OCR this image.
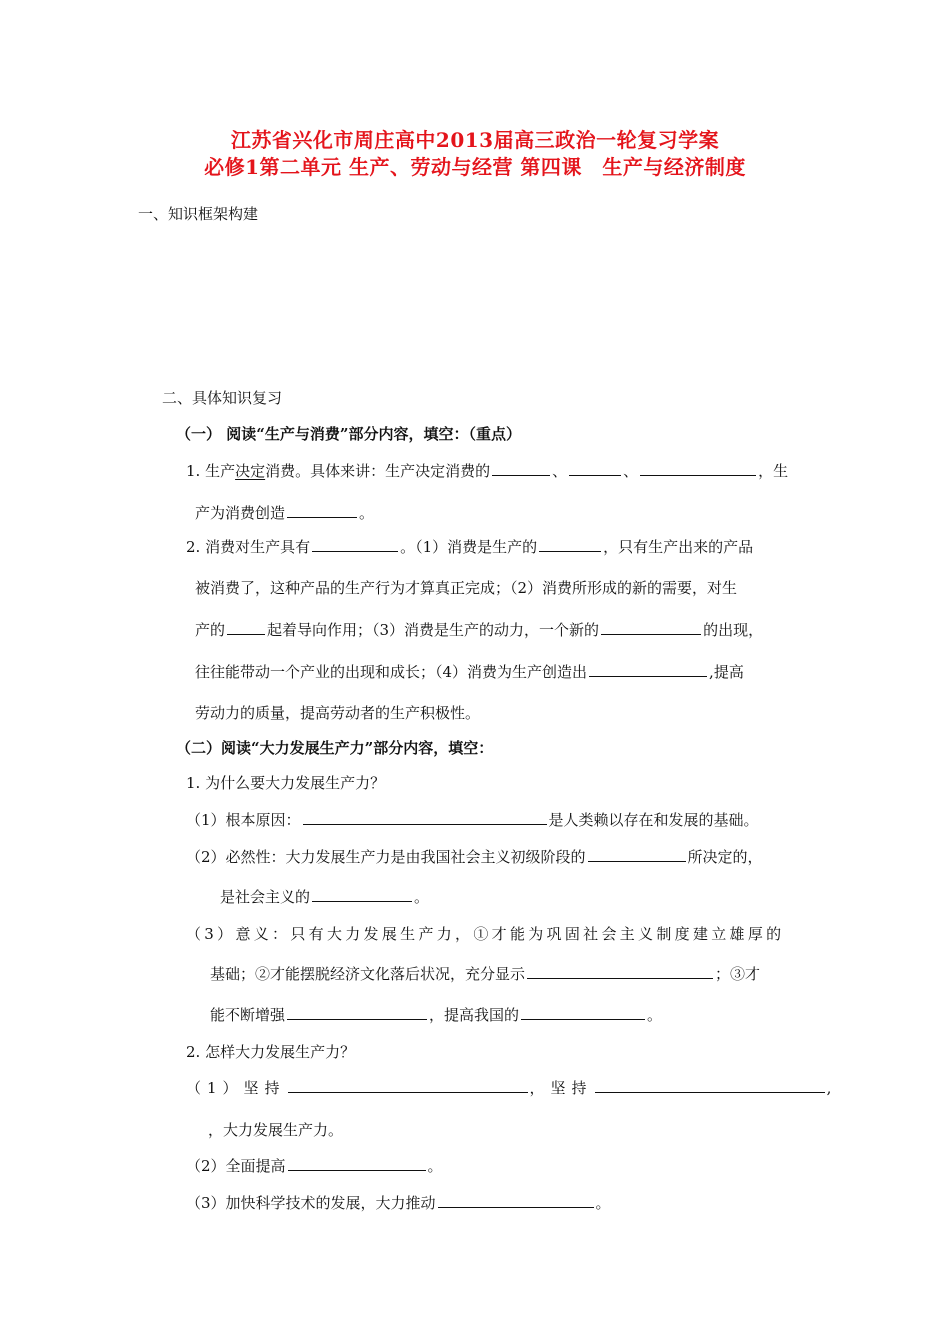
江苏省兴化市周庄高中2013届高三政治一轮复习学案
必修1第二单元 生产、劳动与经营 第四课　生产与经济制度
一、知识框架构建
二、具体知识复习
（一） 阅读“生产与消费”部分内容，填空：（重点）
1. 生产决定消费。具体来讲：生产决定消费的	、	、	，生
产为消费创造	。
2. 消费对生产具有	。（1）消费是生产的	，只有生产出来的产品
被消费了，这种产品的生产行为才算真正完成；（2）消费所形成的新的需要，对生
产的	起着导向作用；（3）消费是生产的动力，一个新的	的出现，
往往能带动一个产业的出现和成长；（4）消费为生产创造出	,提高
劳动力的质量，提高劳动者的生产积极性。
（二）阅读“大力发展生产力”部分内容，填空：
1. 为什么要大力发展生产力？
（1）根本原因：	是人类赖以存在和发展的基础。
（2）必然性：大力发展生产力是由我国社会主义初级阶段的	所决定的，
是社会主义的	。
（3）意义：只有大力发展生产力，①才能为巩固社会主义制度建立雄厚的
基础；②才能摆脱经济文化落后状况，充分显示	；③才
能不断增强	，提高我国的	。
2. 怎样大力发展生产力？
（1）坚持	，坚持	,
，大力发展生产力。
（2）全面提高	。
（3）加快科学技术的发展，大力推动	。
